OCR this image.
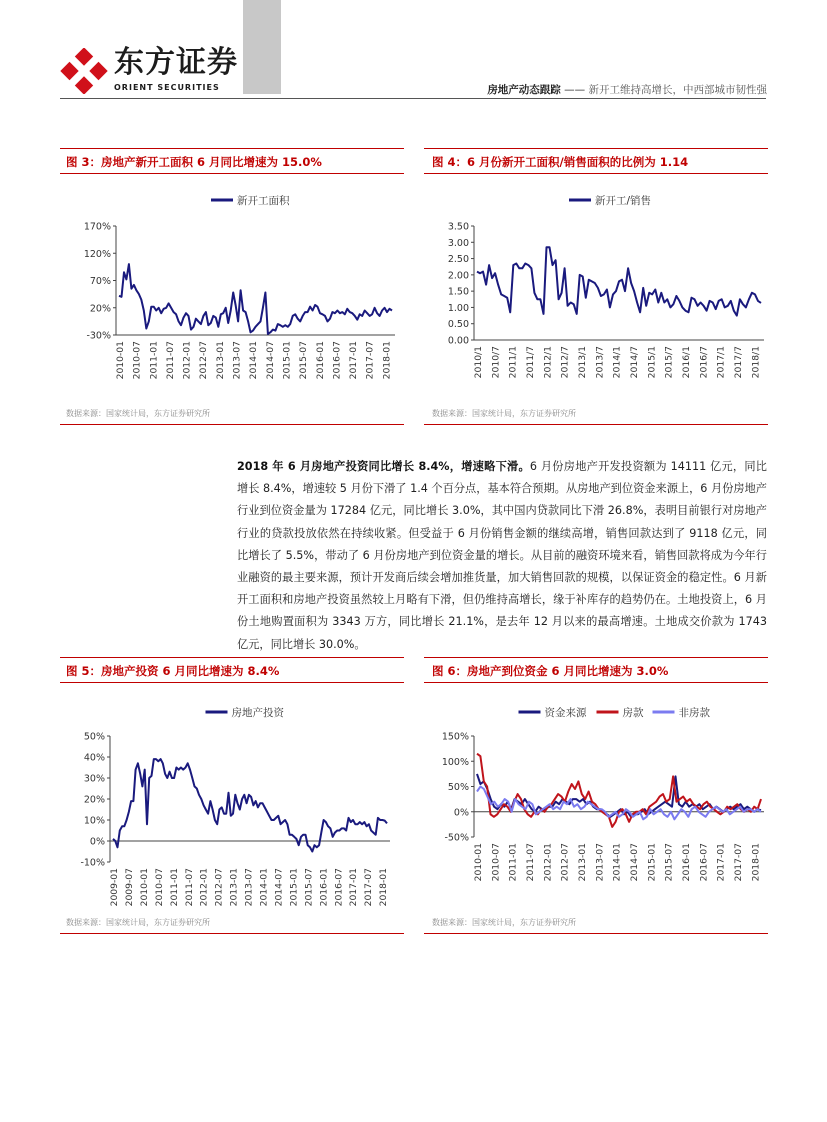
东方证券
ORIENT SECURITIES	房地产动态跟踪 —— 新开工维持高增长，中西部城市韧性强
图 3：房地产新开工面积 6 月同比增速为 15.0%
新开工面积
170%
120%
70%
20%
-30%
2010-01 2010-07 2011-01 2011-07 2012-01 2012-07 2013-01 2013-07 2014-01 2014-07 2015-01 2015-07 2016-01 2016-07 2017-01 2017-07 2018-01
数据来源：国家统计局，东方证券研究所
图 4：6 月份新开工面积/销售面积的比例为 1.14
新开工/销售
3.50
3.00
2.50
2.00
1.50
1.00
0.50
0.00
2010/1 2010/7 2011/1 2011/7 2012/1 2012/7 2013/1 2013/7 2014/1 2014/7 2015/1 2015/7 2016/1 2016/7 2017/1 2017/7 2018/1
数据来源：国家统计局，东方证券研究所
2018 年 6 月房地产投资同比增长 8.4%，增速略下滑。6 月份房地产开发投资额为 14111 亿元，同比增长 8.4%，增速较 5 月份下滑了 1.4 个百分点，基本符合预期。从房地产到位资金来源上，6 月份房地产行业到位资金量为 17284 亿元，同比增长 3.0%，其中国内贷款同比下滑 26.8%，表明目前银行对房地产行业的贷款投放依然在持续收紧。但受益于 6 月份销售金额的继续高增，销售回款达到了 9118 亿元，同比增长了 5.5%，带动了 6 月份房地产到位资金量的增长。从目前的融资环境来看，销售回款将成为今年行业融资的最主要来源，预计开发商后续会增加推货量，加大销售回款的规模，以保证资金的稳定性。6 月新开工面积和房地产投资虽然较上月略有下滑，但仍维持高增长，缘于补库存的趋势仍在。土地投资上，6 月份土地购置面积为 3343 万方，同比增长 21.1%，是去年 12 月以来的最高增速。土地成交价款为 1743 亿元，同比增长 30.0%。
图 5：房地产投资 6 月同比增速为 8.4%
房地产投资
50%
40%
30%
20%
10%
0%
-10%
2009-01 2009-07 2010-01 2010-07 2011-01 2011-07 2012-01 2012-07 2013-01 2013-07 2014-01 2014-07 2015-01 2015-07 2016-01 2016-07 2017-01 2017-07 2018-01
数据来源：国家统计局，东方证券研究所
图 6：房地产到位资金 6 月同比增速为 3.0%
资金来源	房款	非房款
150%
100%
50%
0%
-50%
2010-01 2010-07 2011-01 2011-07 2012-01 2012-07 2013-01 2013-07 2014-01 2014-07 2015-01 2015-07 2016-01 2016-07 2017-01 2017-07 2018-01
数据来源：国家统计局，东方证券研究所
